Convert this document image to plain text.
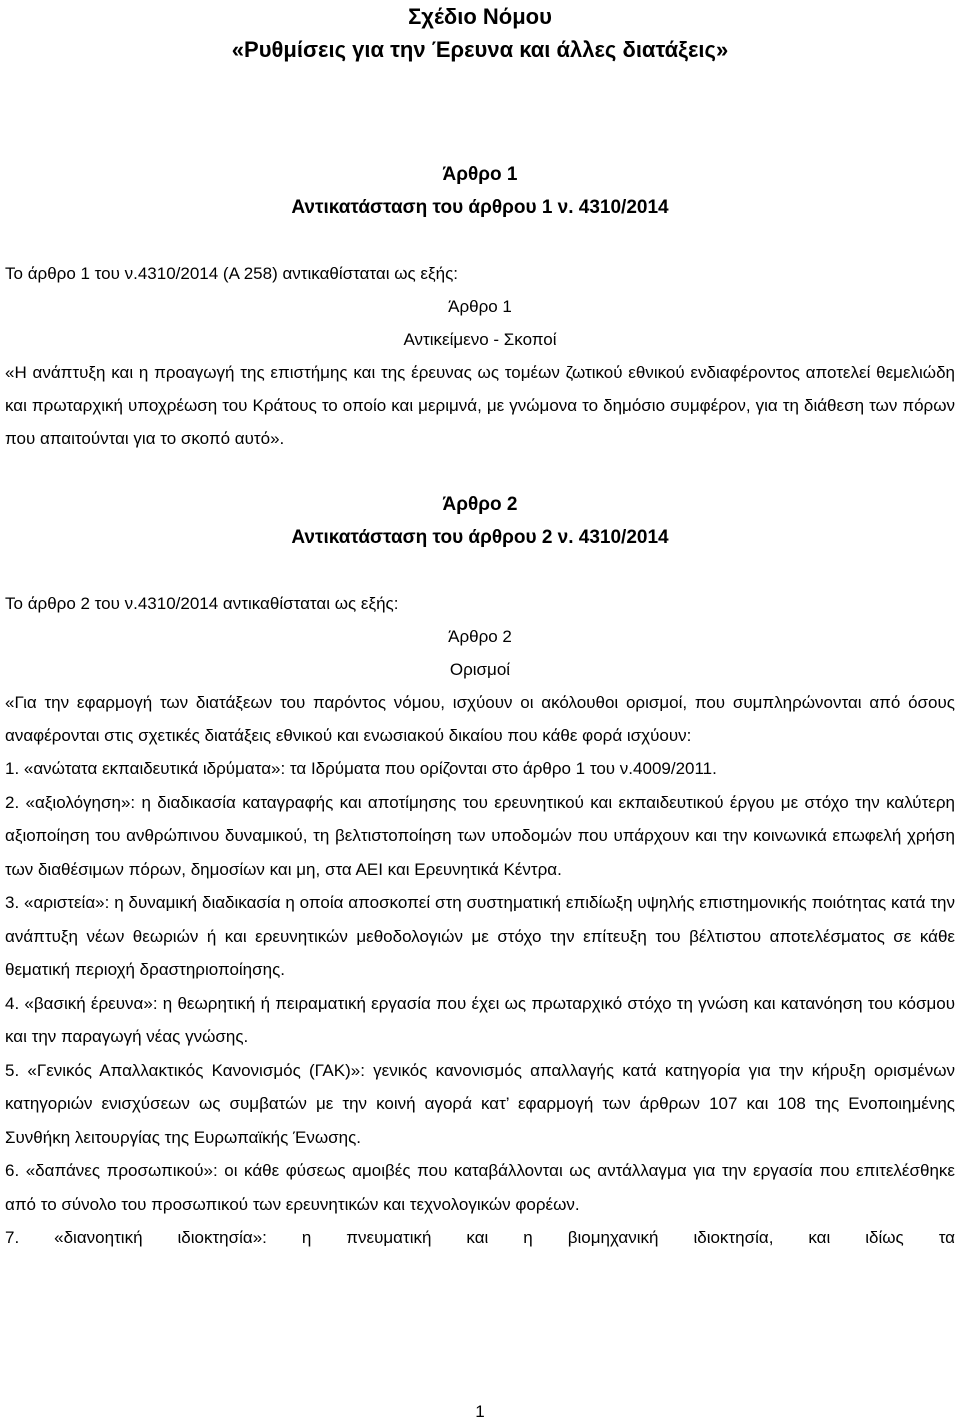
Σχέδιο Νόμου

«Ρυθμίσεις για την Έρευνα και άλλες διατάξεις»

Άρθρο 1

Αντικατάσταση του άρθρου 1 ν. 4310/2014

Το άρθρο 1 του ν.4310/2014 (Α 258) αντικαθίσταται ως εξής:

Άρθρο 1

Αντικείμενο - Σκοποί

«Η ανάπτυξη και η προαγωγή της επιστήμης και της έρευνας ως τομέων ζωτικού εθνικού ενδιαφέροντος αποτελεί θεμελιώδη και πρωταρχική υποχρέωση του Κράτους το οποίο και μεριμνά, με γνώμονα το δημόσιο συμφέρον, για τη διάθεση των πόρων που απαιτούνται για το σκοπό αυτό».

Άρθρο 2

Αντικατάσταση του άρθρου 2 ν. 4310/2014

Το άρθρο 2 του ν.4310/2014 αντικαθίσταται ως εξής:

Άρθρο 2

Ορισμοί

«Για την εφαρμογή των διατάξεων του παρόντος νόμου, ισχύουν οι ακόλουθοι ορισμοί, που συμπληρώνονται από όσους αναφέρονται στις σχετικές διατάξεις εθνικού και ενωσιακού δικαίου που κάθε φορά ισχύουν:

1. «ανώτατα εκπαιδευτικά ιδρύματα»: τα Ιδρύματα που ορίζονται στο άρθρο 1 του ν.4009/2011.

2. «αξιολόγηση»: η διαδικασία καταγραφής και αποτίμησης του ερευνητικού και εκπαιδευτικού έργου με στόχο την καλύτερη αξιοποίηση του ανθρώπινου δυναμικού, τη βελτιστοποίηση των υποδομών που υπάρχουν και την κοινωνικά επωφελή χρήση των διαθέσιμων πόρων, δημοσίων και μη, στα ΑΕΙ και Ερευνητικά Κέντρα.

3. «αριστεία»: η δυναμική διαδικασία η οποία αποσκοπεί στη συστηματική επιδίωξη υψηλής επιστημονικής ποιότητας κατά την ανάπτυξη νέων θεωριών ή και ερευνητικών μεθοδολογιών με στόχο την επίτευξη του βέλτιστου αποτελέσματος σε κάθε θεματική περιοχή δραστηριοποίησης.

4. «βασική έρευνα»: η θεωρητική ή πειραματική εργασία που έχει ως πρωταρχικό στόχο τη γνώση και κατανόηση του κόσμου και την παραγωγή νέας γνώσης.

5. «Γενικός Απαλλακτικός Κανονισμός (ΓΑΚ)»: γενικός κανονισμός απαλλαγής κατά κατηγορία για την κήρυξη ορισμένων κατηγοριών ενισχύσεων ως συμβατών με την κοινή αγορά κατ’ εφαρμογή των άρθρων 107 και 108 της Ενοποιημένης Συνθήκη λειτουργίας της Ευρωπαϊκής Ένωσης.

6. «δαπάνες προσωπικού»: οι κάθε φύσεως αμοιβές που καταβάλλονται ως αντάλλαγμα για την εργασία που επιτελέσθηκε από το σύνολο του προσωπικού των ερευνητικών και τεχνολογικών φορέων.

7. «διανοητική ιδιοκτησία»: η πνευματική και η βιομηχανική ιδιοκτησία, και ιδίως τα

1
